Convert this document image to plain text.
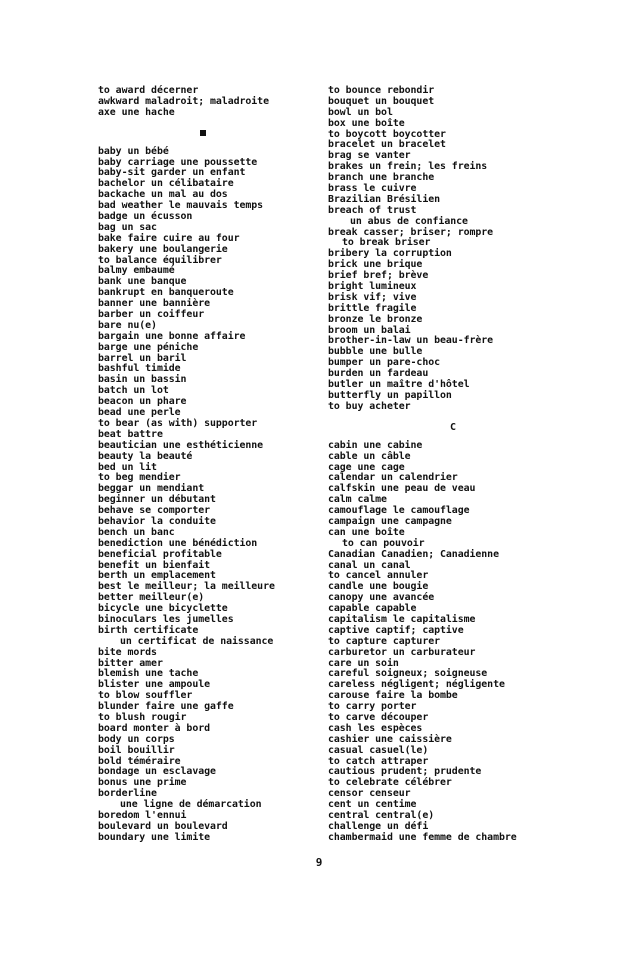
to award décerner
awkward maladroit; maladroite
axe une hache
baby un bébé
baby carriage une poussette
baby-sit garder un enfant
bachelor un célibataire
backache un mal au dos
bad weather le mauvais temps
badge un écusson
bag un sac
bake faire cuire au four
bakery une boulangerie
to balance équilibrer
balmy embaumé
bank une banque
bankrupt en banqueroute
banner une bannière
barber un coiffeur
bare nu(e)
bargain une bonne affaire
barge une péniche
barrel un baril
bashful timide
basin un bassin
batch un lot
beacon un phare
bead une perle
to bear (as with) supporter
beat battre
beautician une esthéticienne
beauty la beauté
bed un lit
to beg mendier
beggar un mendiant
beginner un débutant
behave se comporter
behavior la conduite
bench un banc
benediction une bénédiction
beneficial profitable
benefit un bienfait
berth un emplacement
best le meilleur; la meilleure
better meilleur(e)
bicycle une bicyclette
binoculars les jumelles
birth certificate
un certificat de naissance
bite mords
bitter amer
blemish une tache
blister une ampoule
to blow souffler
blunder faire une gaffe
to blush rougir
board monter à bord
body un corps
boil bouillir
bold téméraire
bondage un esclavage
bonus une prime
borderline
une ligne de démarcation
boredom l'ennui
boulevard un boulevard
boundary une limite
to bounce rebondir
bouquet un bouquet
bowl un bol
box une boîte
to boycott boycotter
bracelet un bracelet
brag se vanter
brakes un frein; les freins
branch une branche
brass le cuivre
Brazilian Brésilien
breach of trust
un abus de confiance
break casser; briser; rompre
to break briser
bribery la corruption
brick une brique
brief bref; brève
bright lumineux
brisk vif; vive
brittle fragile
bronze le bronze
broom un balai
brother-in-law un beau-frère
bubble une bulle
bumper un pare-choc
burden un fardeau
butler un maître d'hôtel
butterfly un papillon
to buy acheter
C
cabin une cabine
cable un câble
cage une cage
calendar un calendrier
calfskin une peau de veau
calm calme
camouflage le camouflage
campaign une campagne
can une boîte
to can pouvoir
Canadian Canadien; Canadienne
canal un canal
to cancel annuler
candle une bougie
canopy une avancée
capable capable
capitalism le capitalisme
captive captif; captive
to capture capturer
carburetor un carburateur
care un soin
careful soigneux; soigneuse
careless négligent; négligente
carouse faire la bombe
to carry porter
to carve découper
cash les espèces
cashier une caissière
casual casuel(le)
to catch attraper
cautious prudent; prudente
to celebrate célébrer
censor censeur
cent un centime
central central(e)
challenge un défi
chambermaid une femme de chambre
9
